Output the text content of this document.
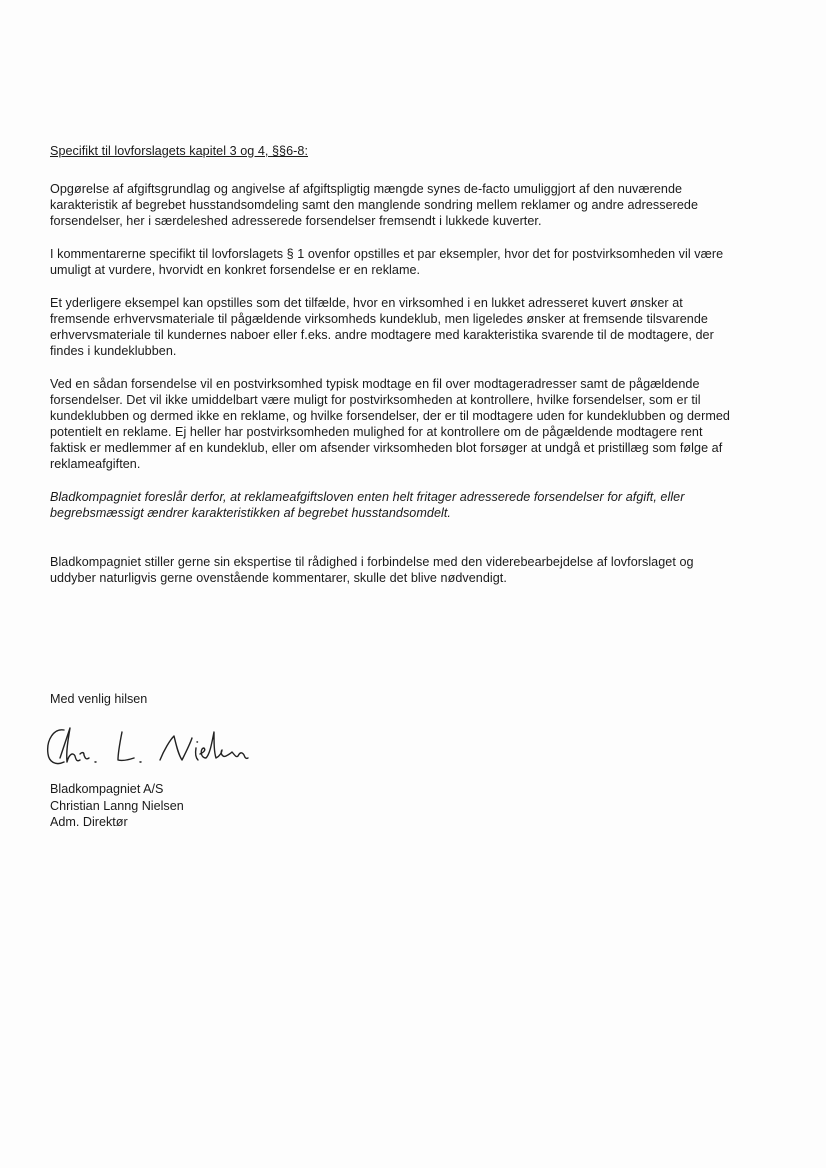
Specifikt til lovforslagets kapitel 3 og 4, §§6-8:
Opgørelse af afgiftsgrundlag og angivelse af afgiftspligtig mængde synes de-facto umuliggjort af den nuværende karakteristik af begrebet husstandsomdeling samt den manglende sondring mellem reklamer og andre adresserede forsendelser, her i særdeleshed adresserede forsendelser fremsendt i lukkede kuverter.
I kommentarerne specifikt til lovforslagets § 1 ovenfor opstilles et par eksempler, hvor det for postvirksomheden vil være umuligt at vurdere, hvorvidt en konkret forsendelse er en reklame.
Et yderligere eksempel kan opstilles som det tilfælde, hvor en virksomhed i en lukket adresseret kuvert ønsker at fremsende erhvervsmateriale til pågældende virksomheds kundeklub, men ligeledes ønsker at fremsende tilsvarende erhvervsmateriale til kundernes naboer eller f.eks. andre modtagere med karakteristika svarende til de modtagere, der findes i kundeklubben.
Ved en sådan forsendelse vil en postvirksomhed typisk modtage en fil over modtageradresser samt de pågældende forsendelser. Det vil ikke umiddelbart være muligt for postvirksomheden at kontrollere, hvilke forsendelser, som er til kundeklubben og dermed ikke en reklame, og hvilke forsendelser, der er til modtagere uden for kundeklubben og dermed potentielt en reklame. Ej heller har postvirksomheden mulighed for at kontrollere om de pågældende modtagere rent faktisk er medlemmer af en kundeklub, eller om afsender virksomheden blot forsøger at undgå et pristillæg som følge af reklameafgiften.
Bladkompagniet foreslår derfor, at reklameafgiftsloven enten helt fritager adresserede forsendelser for afgift, eller begrebsmæssigt ændrer karakteristikken af begrebet husstandsomdelt.
Bladkompagniet stiller gerne sin ekspertise til rådighed i forbindelse med den viderebearbejdelse af lovforslaget og uddyber naturligvis gerne ovenstående kommentarer, skulle det blive nødvendigt.
Med venlig hilsen
Bladkompagniet A/S
Christian Lanng Nielsen
Adm. Direktør
